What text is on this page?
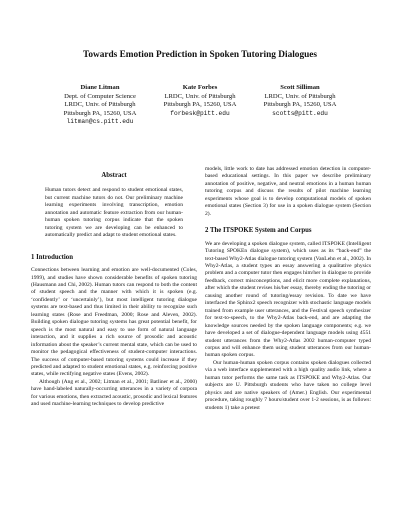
Towards Emotion Prediction in Spoken Tutoring Dialogues
Diane Litman
Dept. of Computer Science
LRDC, Univ. of Pittsburgh
Pittsburgh PA, 15260, USA
litman@cs.pitt.edu
Kate Forbes
LRDC, Univ. of Pittsburgh
Pittsburgh PA, 15260, USA
forbesk@pitt.edu
Scott Silliman
LRDC, Univ. of Pittsburgh
Pittsburgh PA, 15260, USA
scotts@pitt.edu
Abstract

Human tutors detect and respond to student emotional states, but current machine tutors do not. Our preliminary machine learning experiments involving transcription, emotion annotation and automatic feature extraction from our human-human spoken tutoring corpus indicate that the spoken tutoring system we are developing can be enhanced to automatically predict and adapt to student emotional states.

1 Introduction

Connections between learning and emotion are well-documented (Coles, 1999), and studies have shown considerable benefits of spoken tutoring (Hausmann and Chi, 2002). Human tutors can respond to both the content of student speech and the manner with which it is spoken (e.g. ‘confidently’ or ‘uncertainly’), but most intelligent tutoring dialogue systems are text-based and thus limited in their ability to recognize such learning states (Rose and Freedman, 2000; Rose and Aleven, 2002). Building spoken dialogue tutoring systems has great potential benefit, for speech is the most natural and easy to use form of natural language interaction, and it supplies a rich source of prosodic and acoustic information about the speaker’s current mental state, which can be used to monitor the pedagogical effectiveness of student-computer interactions. The success of computer-based tutoring systems could increase if they predicted and adapted to student emotional states, e.g. reinforcing positive states, while rectifying negative states (Evens, 2002).

Although (Ang et al., 2002; Litman et al., 2001; Batliner et al., 2000) have hand-labeled naturally-occurring utterances in a variety of corpora for various emotions, then extracted acoustic, prosodic and lexical features and used machine-learning techniques to develop predictive

models, little work to date has addressed emotion detection in computer-based educational settings. In this paper we describe preliminary annotation of positive, negative, and neutral emotions in a human human tutoring corpus and discuss the results of pilot machine learning experiments whose goal is to develop computational models of spoken emotional states (Section 3) for use in a spoken dialogue system (Section 2).

2 The ITSPOKE System and Corpus

We are developing a spoken dialogue system, called ITSPOKE (Intelligent Tutoring SPOKEn dialogue system), which uses as its “back-end” the text-based Why2-Atlas dialogue tutoring system (VanLehn et al., 2002). In Why2-Atlas, a student types an essay answering a qualitative physics problem and a computer tutor then engages him/her in dialogue to provide feedback, correct misconceptions, and elicit more complete explanations, after which the student revises his/her essay, thereby ending the tutoring or causing another round of tutoring/essay revision. To date we have interfaced the Sphinx2 speech recognizer with stochastic language models trained from example user utterances, and the Festival speech synthesizer for text-to-speech, to the Why2-Atlas back-end, and are adapting the knowledge sources needed by the spoken language components; e.g. we have developed a set of dialogue-dependent language models using 4551 student utterances from the Why2-Atlas 2002 human-computer typed corpus and will enhance them using student utterances from our human-human spoken corpus.

Our human-human spoken corpus contains spoken dialogues collected via a web interface supplemented with a high quality audio link, where a human tutor performs the same task as ITSPOKE and Why2-Atlas. Our subjects are U. Pittsburgh students who have taken no college level physics and are native speakers of (Amer.) English. Our experimental procedure, taking roughly 7 hours/student over 1-2 sessions, is as follows: students 1) take a pretest
